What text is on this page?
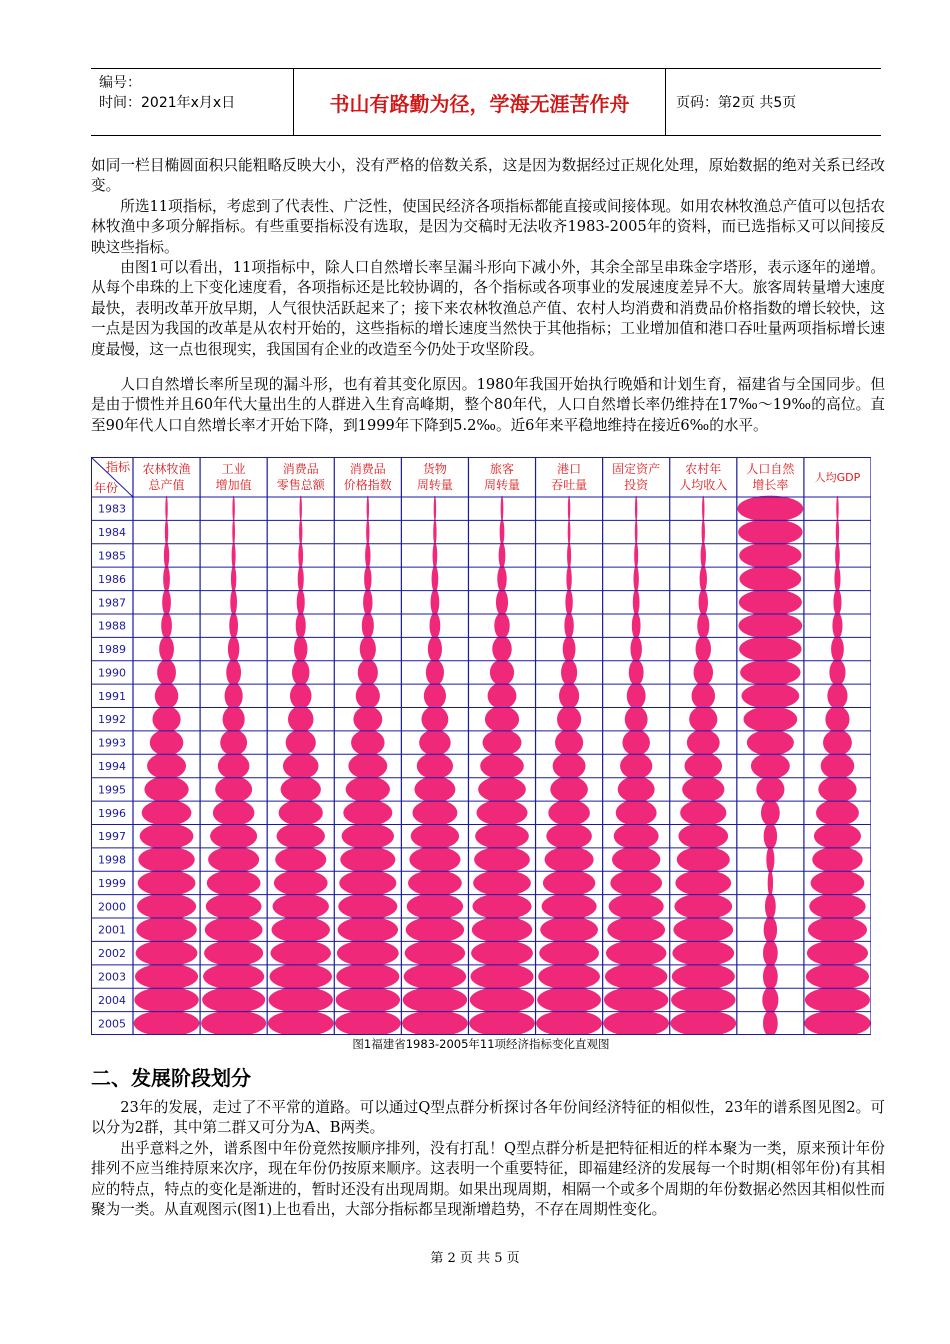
编号：
时间：2021年x月x日	书山有路勤为径，学海无涯苦作舟	页码：第2页 共5页

如同一栏目椭圆面积只能粗略反映大小，没有严格的倍数关系，这是因为数据经过正规化处理，原始数据的绝对关系已经改变。

所选11项指标，考虑到了代表性、广泛性，使国民经济各项指标都能直接或间接体现。如用农林牧渔总产值可以包括农林牧渔中多项分解指标。有些重要指标没有选取，是因为交稿时无法收齐1983-2005年的资料，而已选指标又可以间接反映这些指标。

由图1可以看出，11项指标中，除人口自然增长率呈漏斗形向下减小外，其余全部呈串珠金字塔形，表示逐年的递增。从每个串珠的上下变化速度看，各项指标还是比较协调的，各个指标或各项事业的发展速度差异不大。旅客周转量增大速度最快，表明改革开放早期，人气很快活跃起来了；接下来农林牧渔总产值、农村人均消费和消费品价格指数的增长较快，这一点是因为我国的改革是从农村开始的，这些指标的增长速度当然快于其他指标；工业增加值和港口吞吐量两项指标增长速度最慢，这一点也很现实，我国国有企业的改造至今仍处于攻坚阶段。

人口自然增长率所呈现的漏斗形，也有着其变化原因。1980年我国开始执行晚婚和计划生育，福建省与全国同步。但是由于惯性并且60年代大量出生的人群进入生育高峰期，整个80年代，人口自然增长率仍维持在17‰～19‰的高位。直至90年代人口自然增长率才开始下降，到1999年下降到5.2‰。近6年来平稳地维持在接近6‰的水平。

指标
年份
农林牧渔
总产值
工业
增加值
消费品
零售总额
消费品
价格指数
货物
周转量
旅客
周转量
港口
吞吐量
固定资产
投资
农村年
人均收入
人口自然
增长率
人均GDP
1983
1984
1985
1986
1987
1988
1989
1990
1991
1992
1993
1994
1995
1996
1997
1998
1999
2000
2001
2002
2003
2004
2005
图1福建省1983-2005年11项经济指标变化直观图
二、发展阶段划分

23年的发展，走过了不平常的道路。可以通过Q型点群分析探讨各年份间经济特征的相似性，23年的谱系图见图2。可以分为2群，其中第二群又可分为A、B两类。

出乎意料之外，谱系图中年份竟然按顺序排列，没有打乱！Q型点群分析是把特征相近的样本聚为一类，原来预计年份排列不应当维持原来次序，现在年份仍按原来顺序。这表明一个重要特征，即福建经济的发展每一个时期(相邻年份)有其相应的特点，特点的变化是渐进的，暂时还没有出现周期。如果出现周期，相隔一个或多个周期的年份数据必然因其相似性而聚为一类。从直观图示(图1)上也看出，大部分指标都呈现渐增趋势，不存在周期性变化。

第 2 页 共 5 页
